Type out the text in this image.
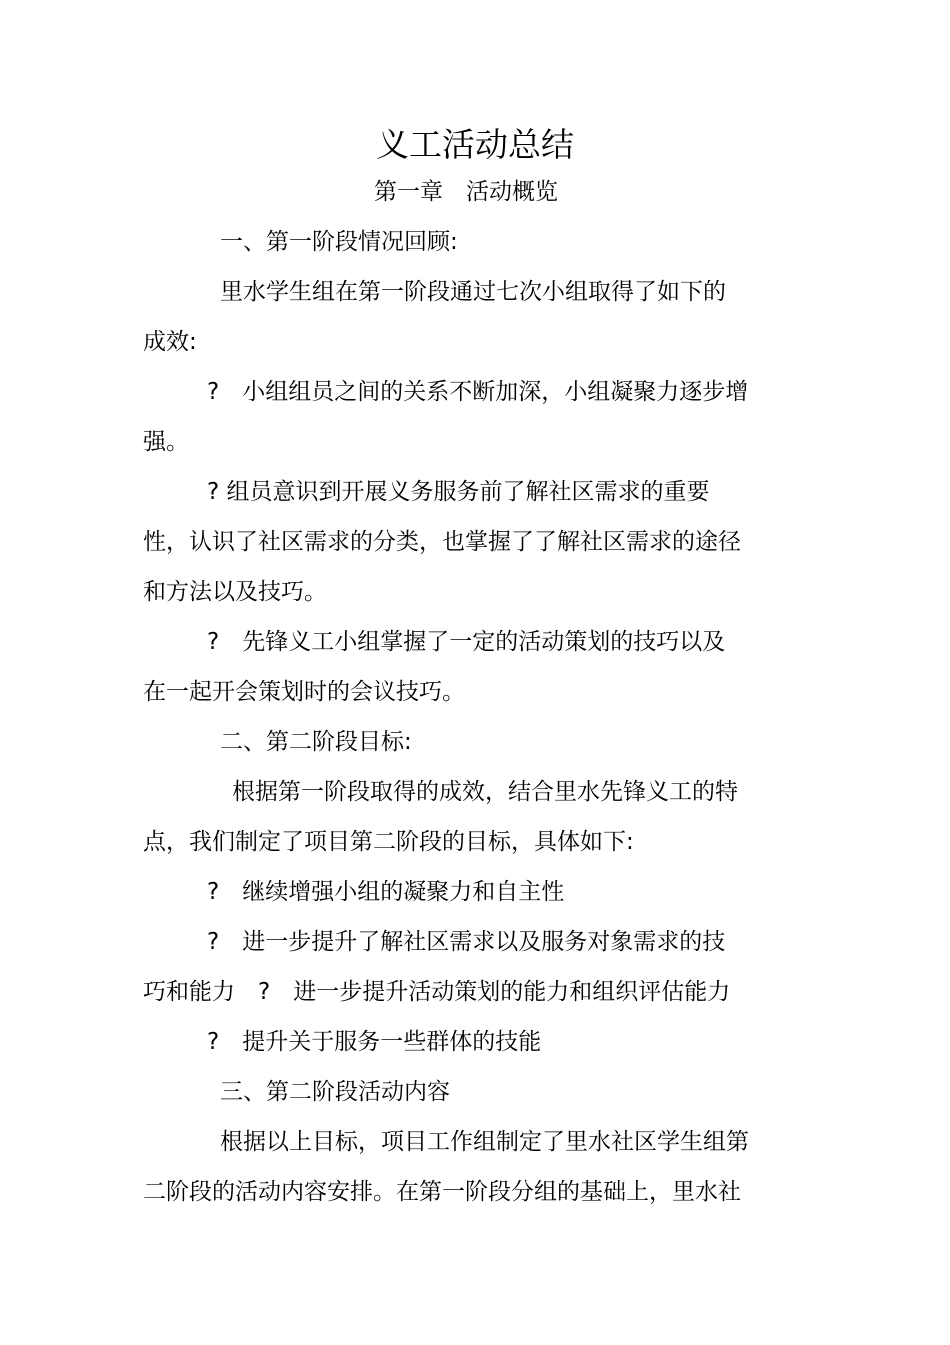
义工活动总结
第一章　活动概览
一、第一阶段情况回顾:
里水学生组在第一阶段通过七次小组取得了如下的
成效:
?　小组组员之间的关系不断加深，小组凝聚力逐步增
强。
? 组员意识到开展义务服务前了解社区需求的重要
性，认识了社区需求的分类，也掌握了了解社区需求的途径
和方法以及技巧。
?　先锋义工小组掌握了一定的活动策划的技巧以及
在一起开会策划时的会议技巧。
二、第二阶段目标:
根据第一阶段取得的成效，结合里水先锋义工的特
点，我们制定了项目第二阶段的目标，具体如下:
?　继续增强小组的凝聚力和自主性
?　进一步提升了解社区需求以及服务对象需求的技
巧和能力　?　进一步提升活动策划的能力和组织评估能力
?　提升关于服务一些群体的技能
三、第二阶段活动内容
根据以上目标，项目工作组制定了里水社区学生组第
二阶段的活动内容安排。在第一阶段分组的基础上，里水社
